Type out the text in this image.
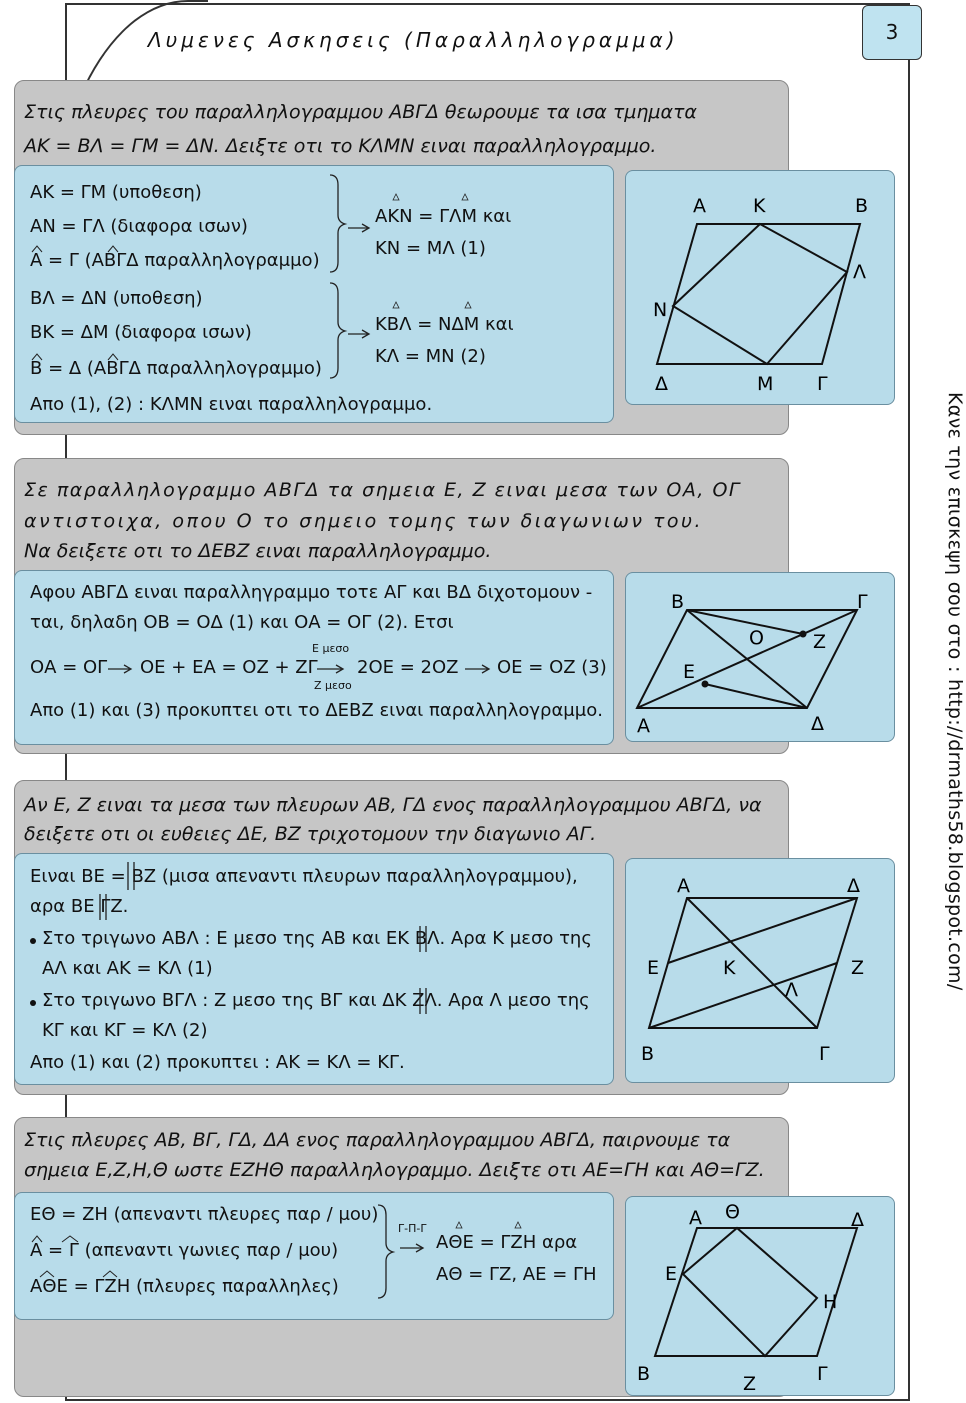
Λυμενες Ασκησεις (Παραλληλογραμμα)	3
Κανε την επισκεψη σου στο : http://drmaths58.blogspot.com/
Στις πλευρες του παραλληλογραμμου ΑΒΓΔ θεωρουμε τα ισα τμηματα
ΑΚ = ΒΛ = ΓΜ = ΔΝ. Δειξτε οτι το ΚΛΜΝ ειναι παραλληλογραμμο.
ΑΚ = ΓΜ (υποθεση)
ΑΝ = ΓΛ (διαφορα ισων)
Α = Γ (ΑΒΓΔ παραλληλογραμμο)
ΑΚΝ = ΓΛΜ και
ΚΝ = ΜΛ (1)
ΒΛ = ΔΝ (υποθεση)
ΒΚ = ΔΜ (διαφορα ισων)
Β = Δ (ΑΒΓΔ παραλληλογραμμο)
ΚΒΛ = ΝΔΜ και
ΚΛ = ΜΝ (2)
Απο (1), (2) : ΚΛΜΝ ειναι παραλληλογραμμο.
Α Κ	Β
Λ
Ν
Δ	Μ Γ
Σε παραλληλογραμμο ΑΒΓΔ τα σημεια Ε, Ζ ειναι μεσα των ΟΑ, ΟΓ
αντιστοιχα, οπου Ο το σημειο τομης των διαγωνιων του.
Να δειξετε οτι το ΔΕΒΖ ειναι παραλληλογραμμο.
Αφου ΑΒΓΔ ειναι παραλληγραμμο τοτε ΑΓ και ΒΔ διχοτομουν -
ται, δηλαδη ΟΒ = ΟΔ (1) και ΟΑ = ΟΓ (2). Ετσι
Ε μεσο
ΟΑ = ΟΓ ΟΕ + ΕΑ = ΟΖ + ΖΓ 2ΟΕ = 2ΟΖ ΟΕ = ΟΖ (3)
Ζ μεσο
Απο (1) και (3) προκυπτει οτι το ΔΕΒΖ ειναι παραλληλογραμμο.
Β	Γ
Ο	Ζ
Ε
Α	Δ
Αν Ε, Ζ ειναι τα μεσα των πλευρων ΑΒ, ΓΔ ενος παραλληλογραμμου ΑΒΓΔ, να
δειξετε οτι οι ευθειες ΔΕ, ΒΖ τριχοτομουν την διαγωνιο ΑΓ.
Ειναι ΒΕ = ΒΖ (μισα απεναντι πλευρων παραλληλογραμμου),
αρα ΒΕ ΓΖ.
Στο τριγωνο ΑΒΛ : Ε μεσο της ΑΒ και ΕΚ ΒΛ. Αρα Κ μεσο της
ΑΛ και ΑΚ = ΚΛ (1)
Στο τριγωνο ΒΓΛ : Ζ μεσο της ΒΓ και ΔΚ ΖΛ. Αρα Λ μεσο της
ΚΓ και ΚΓ = ΚΛ (2)
Απο (1) και (2) προκυπτει : ΑΚ = ΚΛ = ΚΓ.
Α	Δ
Ε	Κ	Ζ
Λ
Β	Γ
Στις πλευρες ΑΒ, ΒΓ, ΓΔ, ΔΑ ενος παραλληλογραμμου ΑΒΓΔ, παιρνουμε τα
σημεια Ε,Ζ,Η,Θ ωστε ΕΖΗΘ παραλληλογραμμο. Δειξτε οτι ΑΕ=ΓΗ και ΑΘ=ΓΖ.
ΕΘ = ΖΗ (απεναντι πλευρες παρ / μου)
Α = Γ (απεναντι γωνιες παρ / μου)
ΑΘΕ = ΓΖΗ (πλευρες παραλληλες)
Γ-Π-Γ
ΑΘΕ = ΓΖΗ αρα
ΑΘ = ΓΖ, ΑΕ = ΓΗ
Α Θ	Δ
Ε
Η
Β	Ζ	Γ
